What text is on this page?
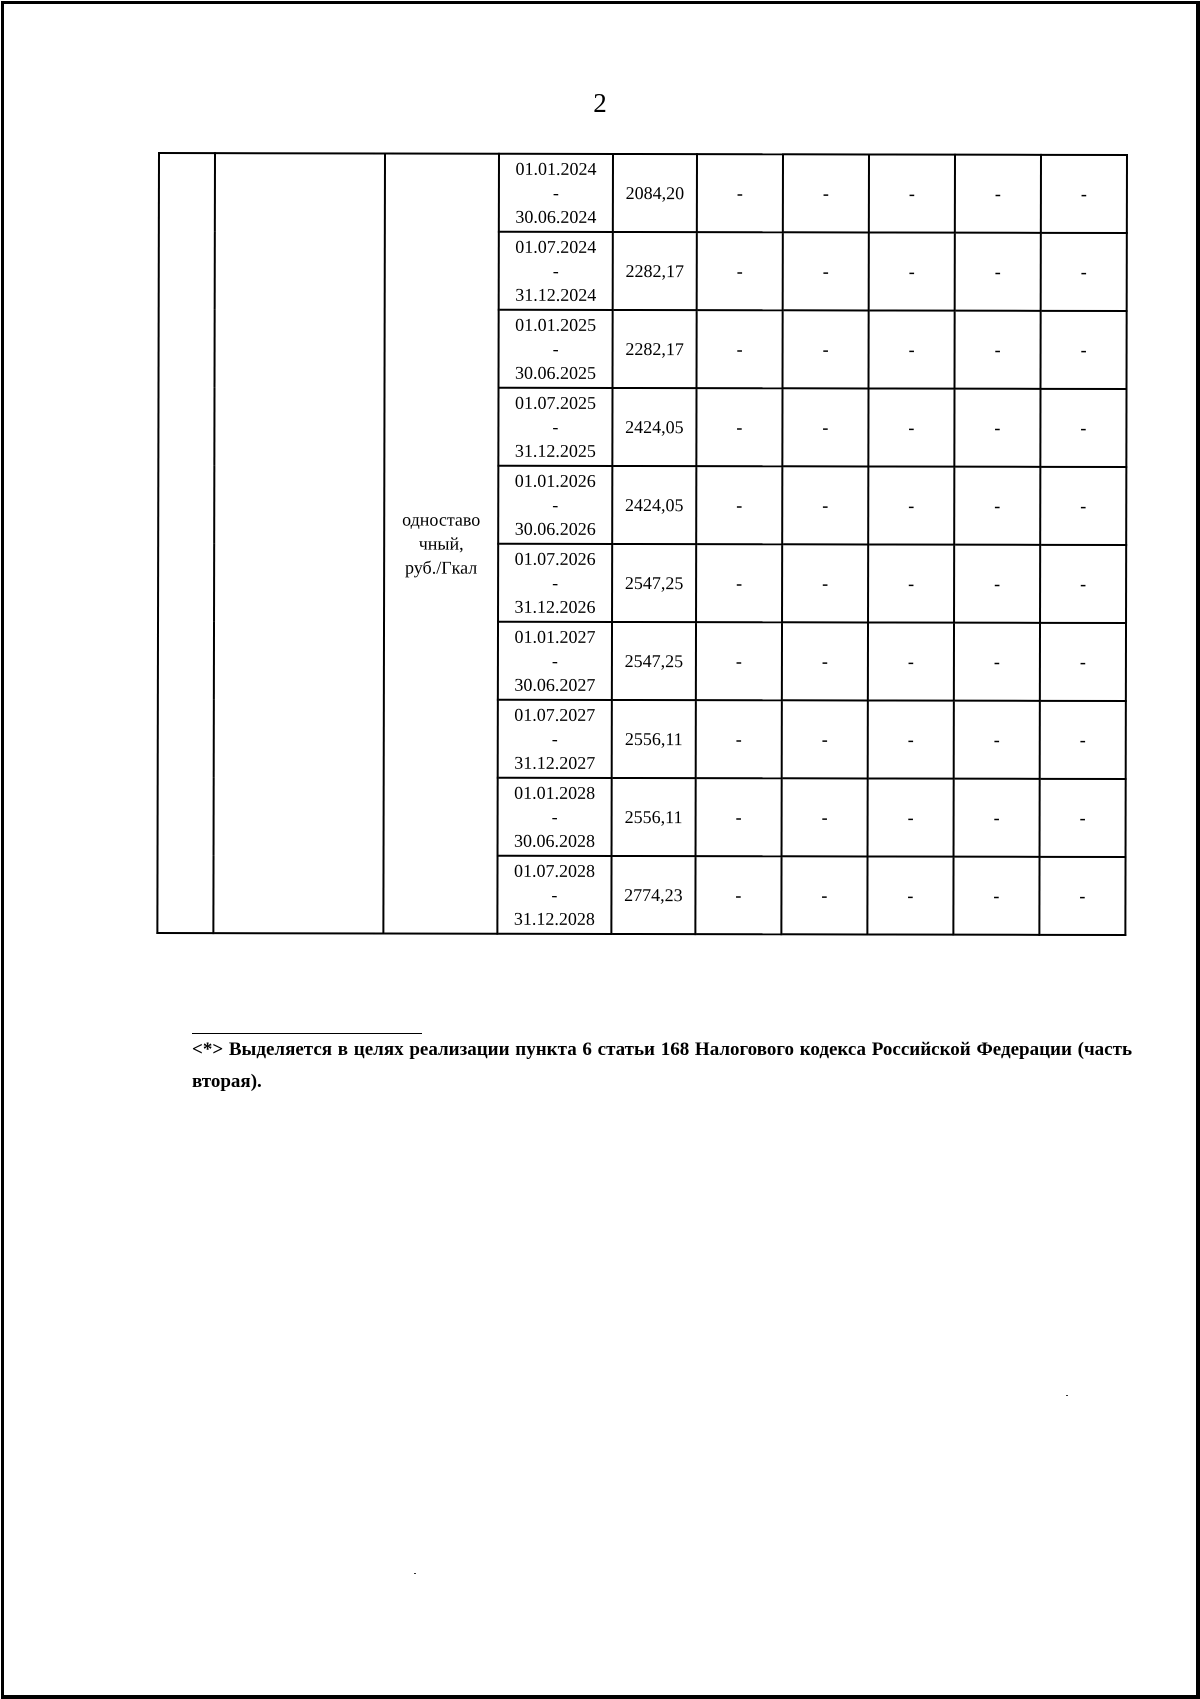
2

		одноставо
чный,
руб./Гкал	01.01.2024
-
30.06.2024	2084,20	-	-	-	-	-

			01.07.2024
-
31.12.2024	2282,17	-	-	-	-	-

			01.01.2025
-
30.06.2025	2282,17	-	-	-	-	-

			01.07.2025
-
31.12.2025	2424,05	-	-	-	-	-

			01.01.2026
-
30.06.2026	2424,05	-	-	-	-	-

			01.07.2026
-
31.12.2026	2547,25	-	-	-	-	-

			01.01.2027
-
30.06.2027	2547,25	-	-	-	-	-

			01.07.2027
-
31.12.2027	2556,11	-	-	-	-	-

			01.01.2028
-
30.06.2028	2556,11	-	-	-	-	-

			01.07.2028
-
31.12.2028	2774,23	-	-	-	-	-
<*> Выделяется в целях реализации пункта 6 статьи 168 Налогового кодекса Российской Федерации (часть вторая).
